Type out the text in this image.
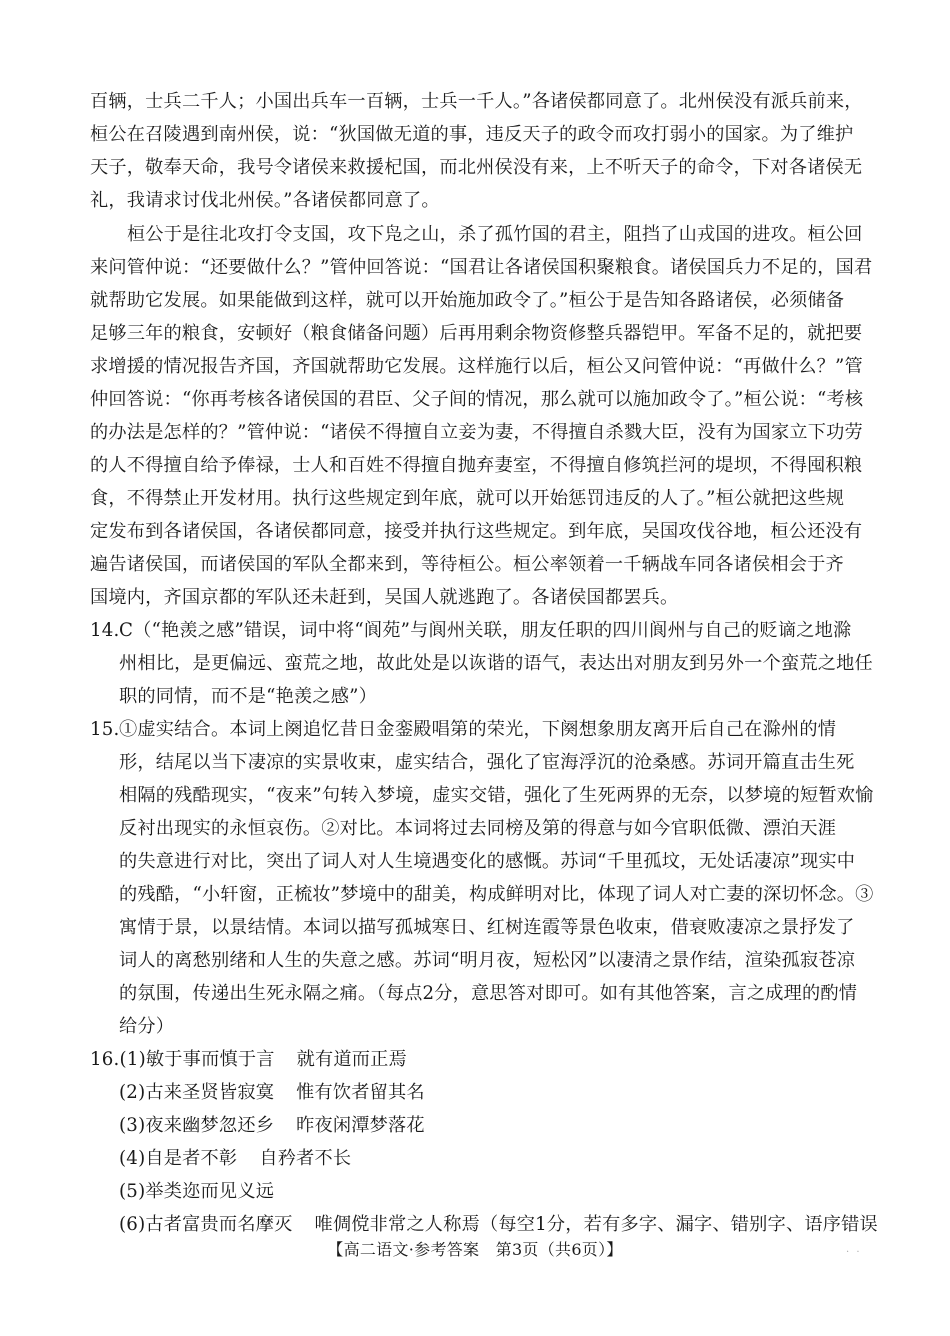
百辆，士兵二千人；小国出兵车一百辆，士兵一千人。”各诸侯都同意了。北州侯没有派兵前来，
桓公在召陵遇到南州侯，说：“狄国做无道的事，违反天子的政令而攻打弱小的国家。为了维护
天子，敬奉天命，我号令诸侯来救援杞国，而北州侯没有来，上不听天子的命令，下对各诸侯无
礼，我请求讨伐北州侯。”各诸侯都同意了。

桓公于是往北攻打令支国，攻下凫之山，杀了孤竹国的君主，阻挡了山戎国的进攻。桓公回
来问管仲说：“还要做什么？”管仲回答说：“国君让各诸侯国积聚粮食。诸侯国兵力不足的，国君
就帮助它发展。如果能做到这样，就可以开始施加政令了。”桓公于是告知各路诸侯，必须储备
足够三年的粮食，安顿好（粮食储备问题）后再用剩余物资修整兵器铠甲。军备不足的，就把要
求增援的情况报告齐国，齐国就帮助它发展。这样施行以后，桓公又问管仲说：“再做什么？”管
仲回答说：“你再考核各诸侯国的君臣、父子间的情况，那么就可以施加政令了。”桓公说：“考核
的办法是怎样的？”管仲说：“诸侯不得擅自立妾为妻，不得擅自杀戮大臣，没有为国家立下功劳
的人不得擅自给予俸禄，士人和百姓不得擅自抛弃妻室，不得擅自修筑拦河的堤坝，不得囤积粮
食，不得禁止开发材用。执行这些规定到年底，就可以开始惩罚违反的人了。”桓公就把这些规
定发布到各诸侯国，各诸侯都同意，接受并执行这些规定。到年底，吴国攻伐谷地，桓公还没有
遍告诸侯国，而诸侯国的军队全都来到，等待桓公。桓公率领着一千辆战车同各诸侯相会于齐
国境内，齐国京都的军队还未赶到，吴国人就逃跑了。各诸侯国都罢兵。

14. C（“艳羡之感”错误，词中将“阆苑”与阆州关联，朋友任职的四川阆州与自己的贬谪之地滁
州相比，是更偏远、蛮荒之地，故此处是以诙谐的语气，表达出对朋友到另外一个蛮荒之地任
职的同情，而不是“艳羡之感”）
15. ①虚实结合。本词上阕追忆昔日金銮殿唱第的荣光，下阕想象朋友离开后自己在滁州的情
形，结尾以当下凄凉的实景收束，虚实结合，强化了宦海浮沉的沧桑感。苏词开篇直击生死
相隔的残酷现实，“夜来”句转入梦境，虚实交错，强化了生死两界的无奈，以梦境的短暂欢愉
反衬出现实的永恒哀伤。②对比。本词将过去同榜及第的得意与如今官职低微、漂泊天涯
的失意进行对比，突出了词人对人生境遇变化的感慨。苏词“千里孤坟，无处话凄凉”现实中
的残酷，“小轩窗，正梳妆”梦境中的甜美，构成鲜明对比，体现了词人对亡妻的深切怀念。③
寓情于景，以景结情。本词以描写孤城寒日、红树连霞等景色收束，借衰败凄凉之景抒发了
词人的离愁别绪和人生的失意之感。苏词“明月夜，短松冈”以凄清之景作结，渲染孤寂苍凉
的氛围，传递出生死永隔之痛。（每点2分，意思答对即可。如有其他答案，言之成理的酌情
给分）
16.(1)敏于事而慎于言 就有道而正焉

(2)古来圣贤皆寂寞 惟有饮者留其名

(3)夜来幽梦忽还乡 昨夜闲潭梦落花

(4)自是者不彰 自矜者不长

(5)举类迩而见义远

(6)古者富贵而名摩灭 唯倜傥非常之人称焉（每空1分，若有多字、漏字、错别字、语序错误

【高二语文·参考答案　第3页（共6页）】	. .
